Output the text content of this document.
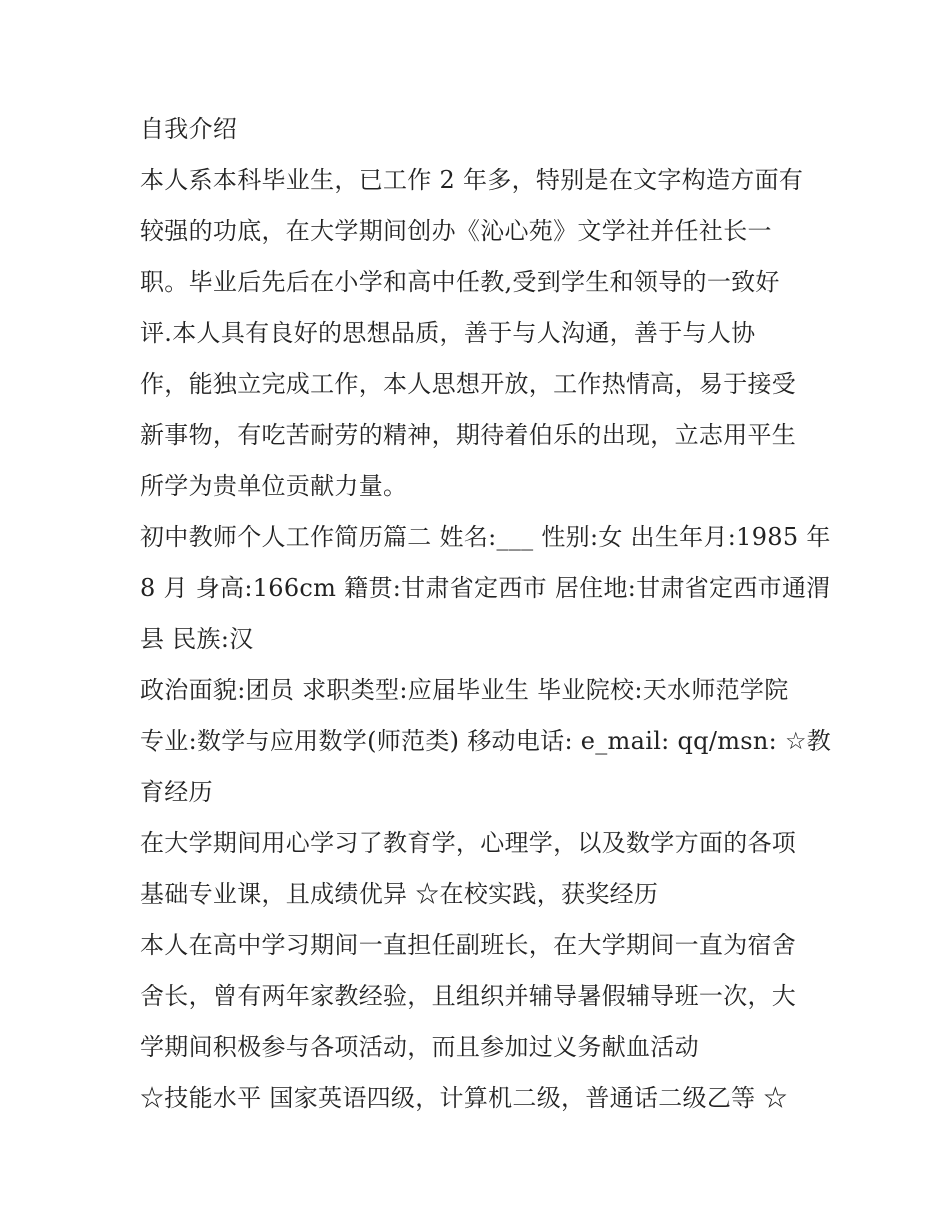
自我介绍
本人系本科毕业生，已工作 2 年多，特别是在文字构造方面有
较强的功底，在大学期间创办《沁心苑》文学社并任社长一
职。毕业后先后在小学和高中任教,受到学生和领导的一致好
评.本人具有良好的思想品质，善于与人沟通，善于与人协
作，能独立完成工作，本人思想开放，工作热情高，易于接受
新事物，有吃苦耐劳的精神，期待着伯乐的出现，立志用平生
所学为贵单位贡献力量。
初中教师个人工作简历篇二 姓名:___ 性别:女 出生年月:1985 年
8 月 身高:166cm 籍贯:甘肃省定西市 居住地:甘肃省定西市通渭
县 民族:汉
政治面貌:团员 求职类型:应届毕业生 毕业院校:天水师范学院
专业:数学与应用数学(师范类) 移动电话: e_mail: qq/msn: ☆教
育经历
在大学期间用心学习了教育学，心理学，以及数学方面的各项
基础专业课，且成绩优异 ☆在校实践，获奖经历
本人在高中学习期间一直担任副班长，在大学期间一直为宿舍
舍长，曾有两年家教经验，且组织并辅导暑假辅导班一次，大
学期间积极参与各项活动，而且参加过义务献血活动
☆技能水平 国家英语四级，计算机二级，普通话二级乙等 ☆
